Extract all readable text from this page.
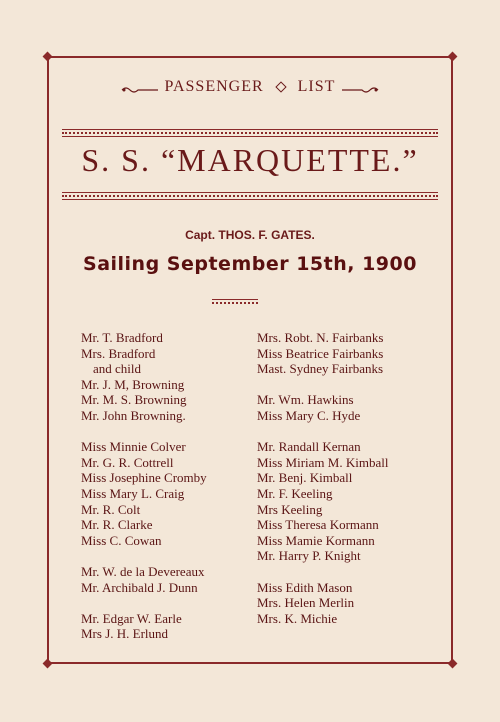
PASSENGER LIST
S. S. “MARQUETTE.”
Capt. THOS. F. GATES.
Sailing September 15th, 1900
Mr. T. Bradford
Mrs. Bradford
and child
Mr. J. M, Browning
Mr. M. S. Browning
Mr. John Browning.
Miss Minnie Colver
Mr. G. R. Cottrell
Miss Josephine Cromby
Miss Mary L. Craig
Mr. R. Colt
Mr. R. Clarke
Miss C. Cowan
Mr. W. de la Devereaux
Mr. Archibald J. Dunn
Mr. Edgar W. Earle
Mrs J. H. Erlund
Mrs. Robt. N. Fairbanks
Miss Beatrice Fairbanks
Mast. Sydney Fairbanks
Mr. Wm. Hawkins
Miss Mary C. Hyde
Mr. Randall Kernan
Miss Miriam M. Kimball
Mr. Benj. Kimball
Mr. F. Keeling
Mrs Keeling
Miss Theresa Kormann
Miss Mamie Kormann
Mr. Harry P. Knight
Miss Edith Mason
Mrs. Helen Merlin
Mrs. K. Michie
